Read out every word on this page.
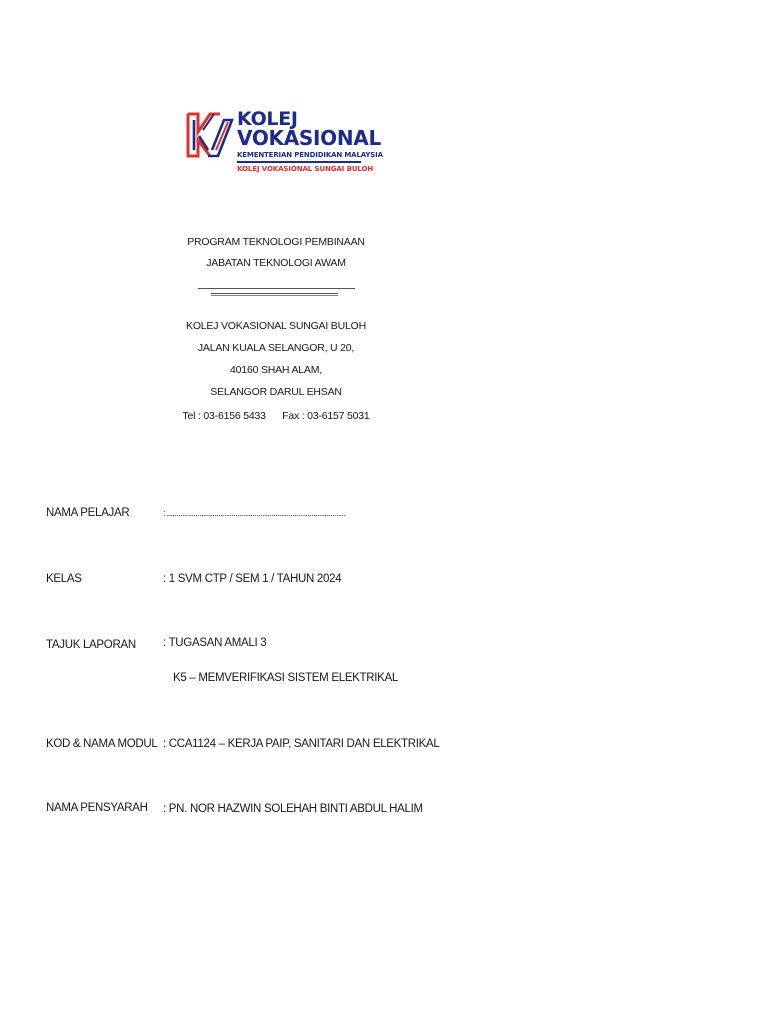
KOLEJ
VOKASIONAL
KEMENTERIAN PENDIDIKAN MALAYSIA
KOLEJ VOKASIONAL SUNGAI BULOH
PROGRAM TEKNOLOGI PEMBINAAN
JABATAN TEKNOLOGI AWAM
KOLEJ VOKASIONAL SUNGAI BULOH
JALAN KUALA SELANGOR, U 20,
40160 SHAH ALAM,
SELANGOR DARUL EHSAN
Tel : 03-6156 5433      Fax : 03-6157 5031
NAMA PELAJAR	: ..............................................................................................
KELAS	: 1 SVM CTP / SEM 1 / TAHUN 2024
TAJUK LAPORAN : TUGASAN AMALI 3
K5 – MEMVERIFIKASI SISTEM ELEKTRIKAL
KOD & NAMA MODUL : CCA1124 – KERJA PAIP, SANITARI DAN ELEKTRIKAL
NAMA PENSYARAH : PN. NOR HAZWIN SOLEHAH BINTI ABDUL HALIM
